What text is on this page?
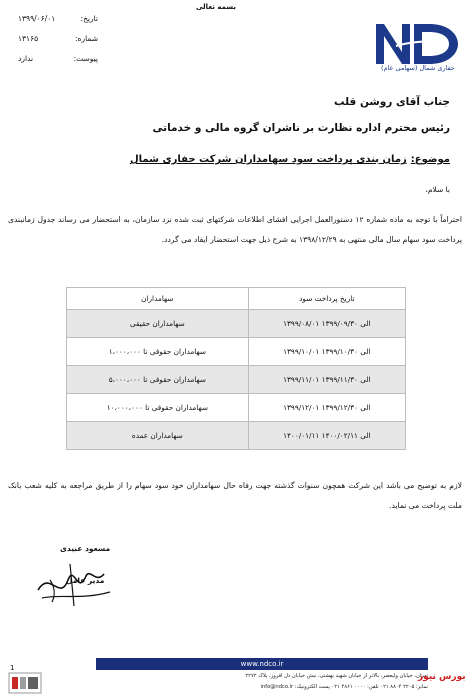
بسمه تعالی
تاریخ:
۱۳۹۹/۰۶/۰۱
شماره:
۱۳۱۶۵
پیوست:
ندارد
حفاری شمال (سهامی عام)
جناب آقای روشن قلب
رئیس محترم اداره نظارت بر ناشران گروه مالی و خدماتی
موضوع:
زمان بندی پرداخت سود سهامداران شرکت حفاری شمال
با سلام،

احتراماً با توجه به ماده شماره ۱۲ دستورالعمل اجرایی افشای اطلاعات شرکتهای ثبت شده نزد سازمان، به استحضار می رساند جدول زمانبندی پرداخت سود سهام سال مالی منتهی به ۱۳۹۸/۱۲/۲۹ به شرح ذیل جهت استحضار ایفاد می گردد.

تاریخ پرداخت سود	سهامداران
۱۳۹۹/۰۸/۰۱ الی ۱۳۹۹/۰۹/۳۰	سهامداران حقیقی
۱۳۹۹/۱۰/۰۱ الی ۱۳۹۹/۱۰/۳۰	سهامداران حقوقی تا ۱،۰۰۰،۰۰۰
۱۳۹۹/۱۱/۰۱ الی ۱۳۹۹/۱۱/۳۰	سهامداران حقوقی تا ۵،۰۰۰،۰۰۰
۱۳۹۹/۱۲/۰۱ الی ۱۳۹۹/۱۲/۳۰	سهامداران حقوقی تا ۱۰،۰۰۰،۰۰۰
۱۴۰۰/۰۱/۱۱ الی ۱۴۰۰/۰۲/۱۱	سهامداران عمده

لازم به توضیح می باشد این شرکت همچون سنوات گذشته جهت رفاه حال سهامداران خود سود سهام را از طریق مراجعه به کلیه شعب بانک ملت پرداخت می نماید.

مسعود عبیدی
مدیر عامل
www.ndco.ir
تهران، خیابان ولیعصر، بالاتر از خیابان شهید بهشتی، نبش خیابان دل افروز، پلاک ۲۲۷۲
نمابر: ۲۲۰۵ ۸۸۰۴ ۰۲۱ تلفن: ۰۰۰۰ ۴۸۶۱ ۰۲۱ پست الکترونیک: info@ndco.ir
1
بورس نیوز
